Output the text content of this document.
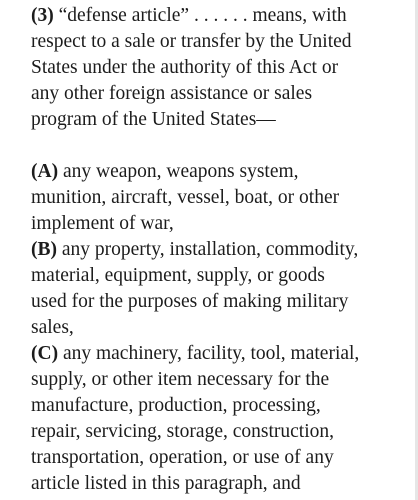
(3) “defense article” . . . . . . means, with
respect to a sale or transfer by the United
States under the authority of this Act or
any other foreign assistance or sales
program of the United States—
(A) any weapon, weapons system,
munition, aircraft, vessel, boat, or other
implement of war,
(B) any property, installation, commodity,
material, equipment, supply, or goods
used for the purposes of making military
sales,
(C) any machinery, facility, tool, material,
supply, or other item necessary for the
manufacture, production, processing,
repair, servicing, storage, construction,
transportation, operation, or use of any
article listed in this paragraph, and
